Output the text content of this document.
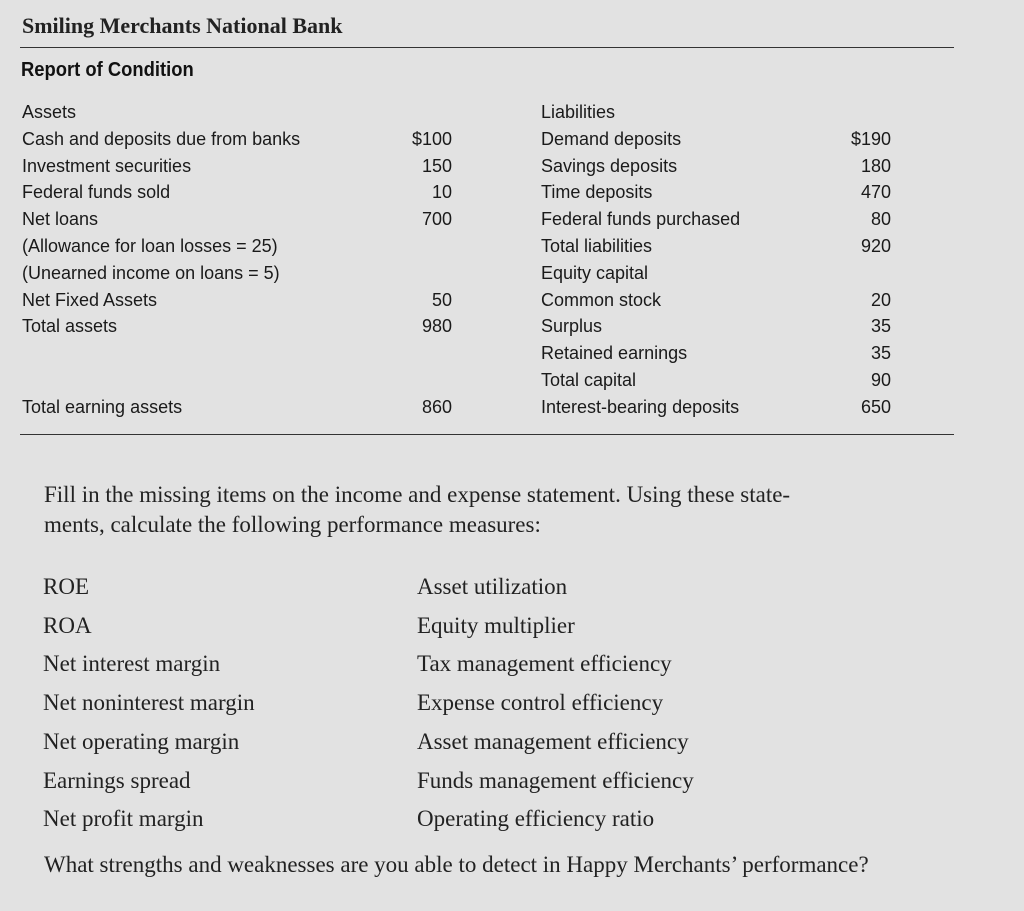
Smiling Merchants National Bank
Report of Condition
Assets
Cash and deposits due from banks	$100
Investment securities	150
Federal funds sold	10
Net loans	700
(Allowance for loan losses = 25)
(Unearned income on loans = 5)
Net Fixed Assets	50
Total assets	980
Total earning assets	860
Liabilities
Demand deposits	$190
Savings deposits	180
Time deposits	470
Federal funds purchased	80
Total liabilities	920
Equity capital
Common stock	20
Surplus	35
Retained earnings	35
Total capital	90
Interest-bearing deposits	650
Fill in the missing items on the income and expense statement. Using these state-
ments, calculate the following performance measures:
ROE
ROA
Net interest margin
Net noninterest margin
Net operating margin
Earnings spread
Net profit margin
Asset utilization
Equity multiplier
Tax management efficiency
Expense control efficiency
Asset management efficiency
Funds management efficiency
Operating efficiency ratio
What strengths and weaknesses are you able to detect in Happy Merchants’ performance?
